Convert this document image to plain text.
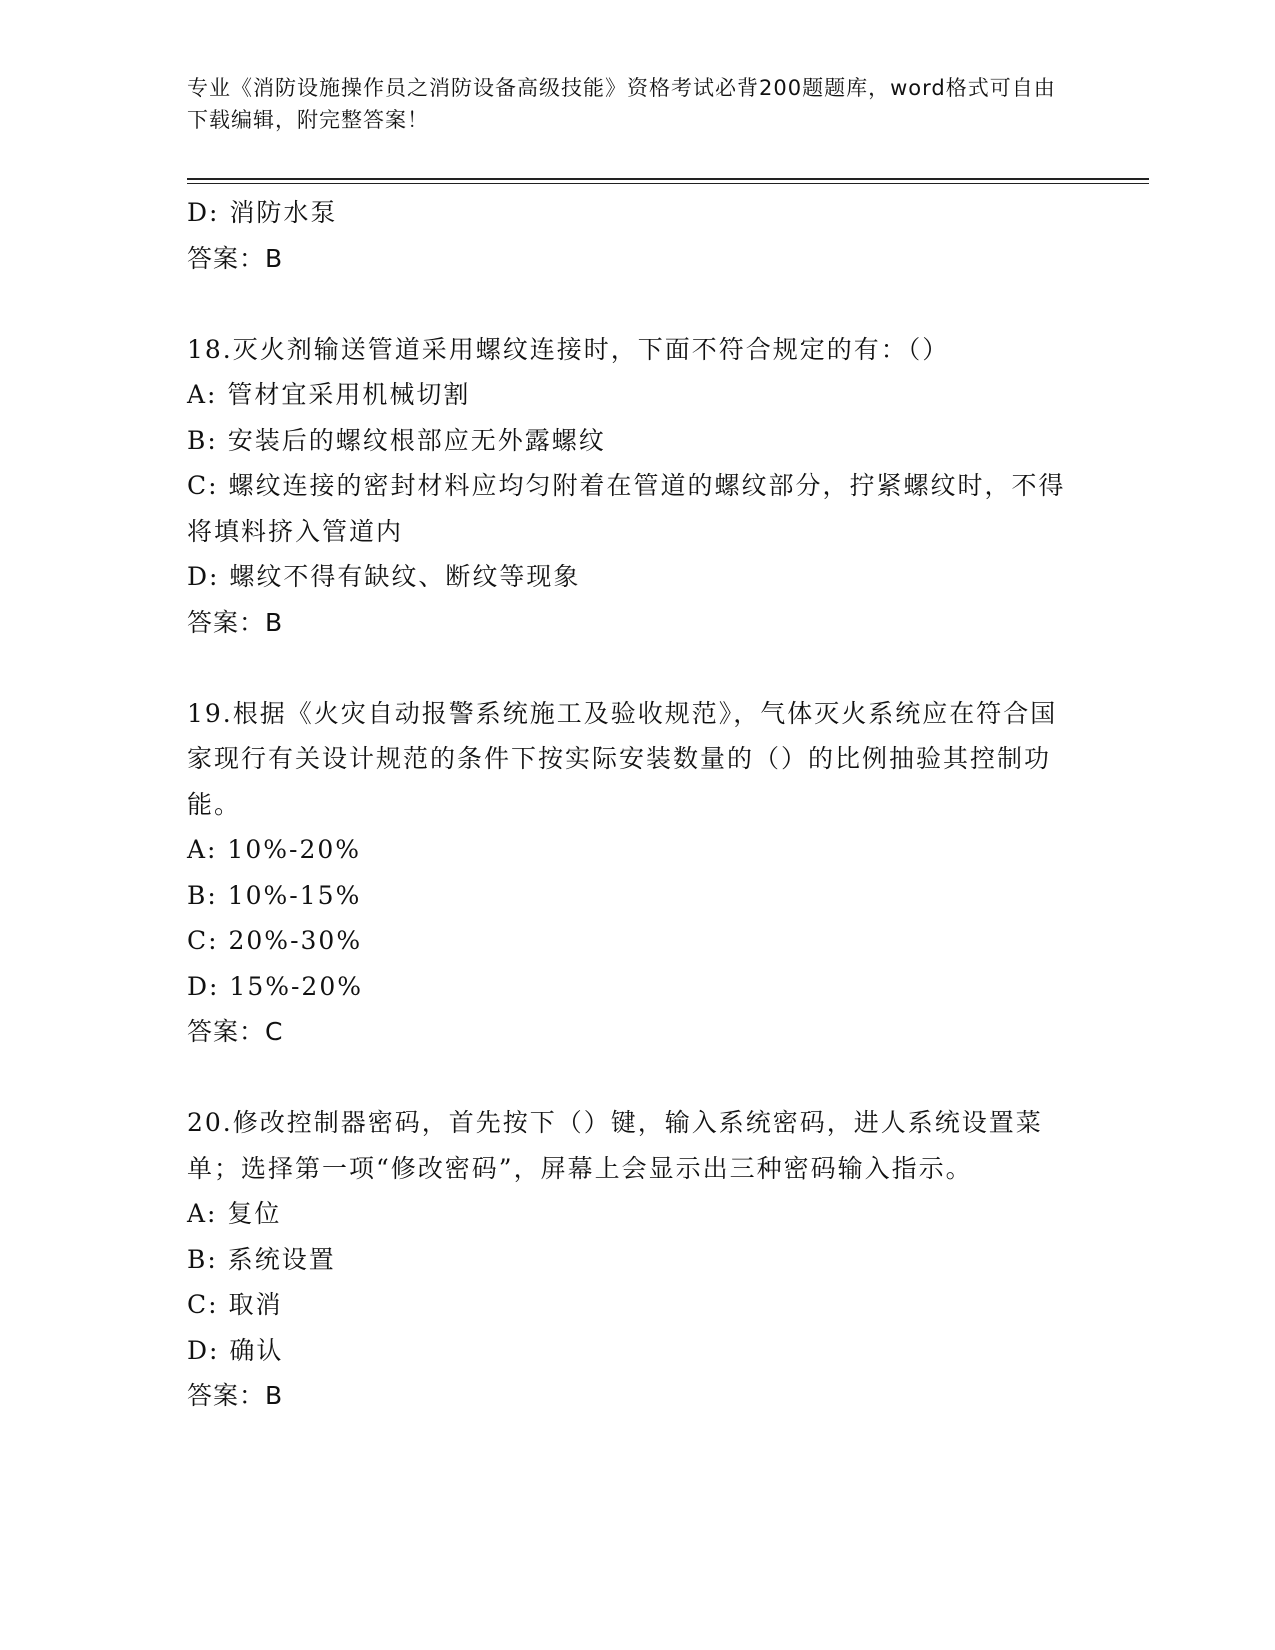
专业《消防设施操作员之消防设备高级技能》资格考试必背200题题库，word格式可自由下载编辑，附完整答案！
D: 消防水泵
答案：B
18.灭火剂输送管道采用螺纹连接时，下面不符合规定的有：（）
A: 管材宜采用机械切割
B: 安装后的螺纹根部应无外露螺纹
C: 螺纹连接的密封材料应均匀附着在管道的螺纹部分，拧紧螺纹时，不得将填料挤入管道内
D: 螺纹不得有缺纹、断纹等现象
答案：B
19.根据《火灾自动报警系统施工及验收规范》，气体灭火系统应在符合国家现行有关设计规范的条件下按实际安装数量的（）的比例抽验其控制功能。
A: 10%-20%
B: 10%-15%
C: 20%-30%
D: 15%-20%
答案：C
20.修改控制器密码，首先按下（）键，输入系统密码，进人系统设置菜单；选择第一项“修改密码”，屏幕上会显示出三种密码输入指示。
A: 复位
B: 系统设置
C: 取消
D: 确认
答案：B
